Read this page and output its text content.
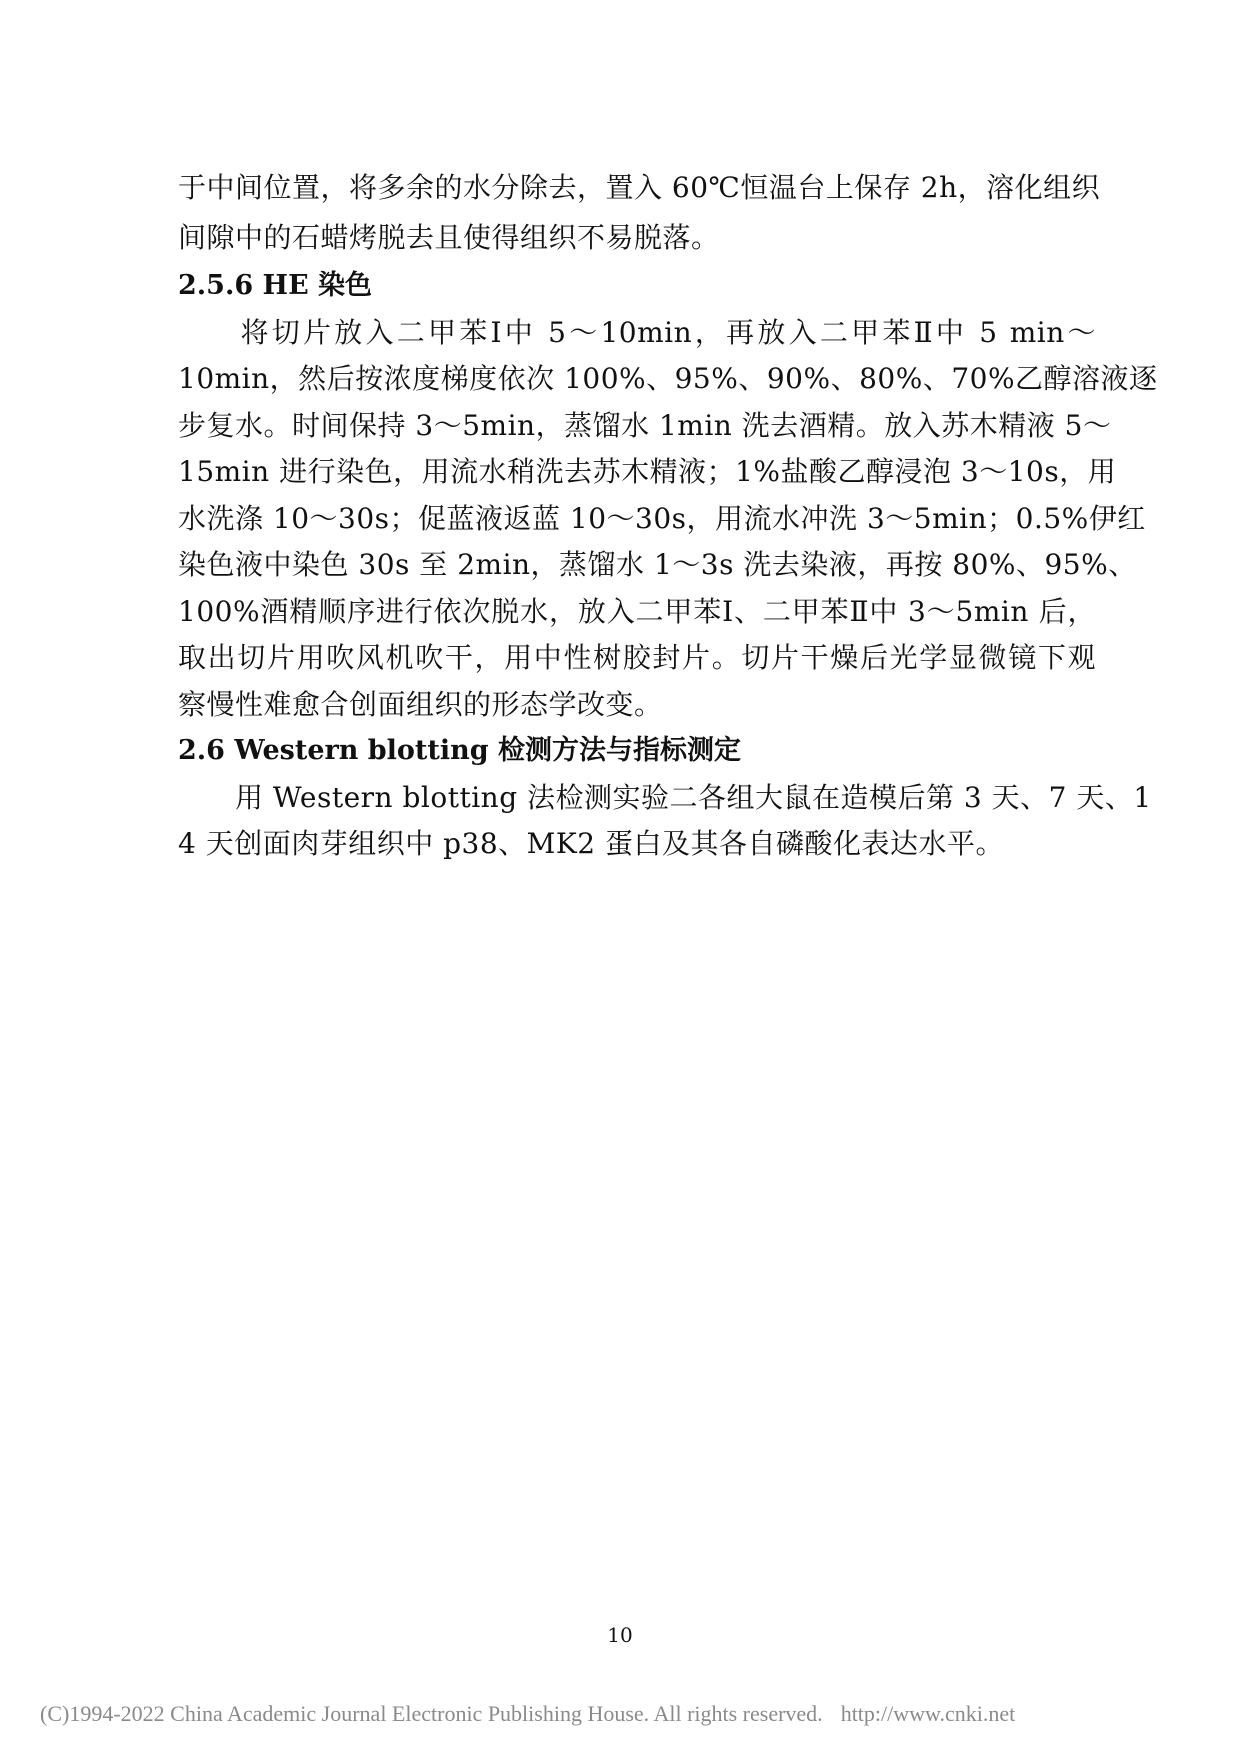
于中间位置，将多余的水分除去，置入 60℃恒温台上保存 2h，溶化组织
间隙中的石蜡烤脱去且使得组织不易脱落。
2.5.6 HE 染色
　　将切片放入二甲苯Ⅰ中 5～10min，再放入二甲苯Ⅱ中 5 min～
10min，然后按浓度梯度依次 100%、95%、90%、80%、70%乙醇溶液逐
步复水。时间保持 3～5min，蒸馏水 1min 洗去酒精。放入苏木精液 5～
15min 进行染色，用流水稍洗去苏木精液；1%盐酸乙醇浸泡 3～10s，用
水洗涤 10～30s；促蓝液返蓝 10～30s，用流水冲洗 3～5min；0.5%伊红
染色液中染色 30s 至 2min，蒸馏水 1～3s 洗去染液，再按 80%、95%、
100%酒精顺序进行依次脱水，放入二甲苯Ⅰ、二甲苯Ⅱ中 3～5min 后，
取出切片用吹风机吹干，用中性树胶封片。切片干燥后光学显微镜下观
察慢性难愈合创面组织的形态学改变。
2.6 Western blotting 检测方法与指标测定
　　用 Western blotting 法检测实验二各组大鼠在造模后第 3 天、7 天、1
4 天创面肉芽组织中 p38、MK2 蛋白及其各自磷酸化表达水平。
10
(C)1994-2022 China Academic Journal Electronic Publishing House. All rights reserved. http://www.cnki.net
